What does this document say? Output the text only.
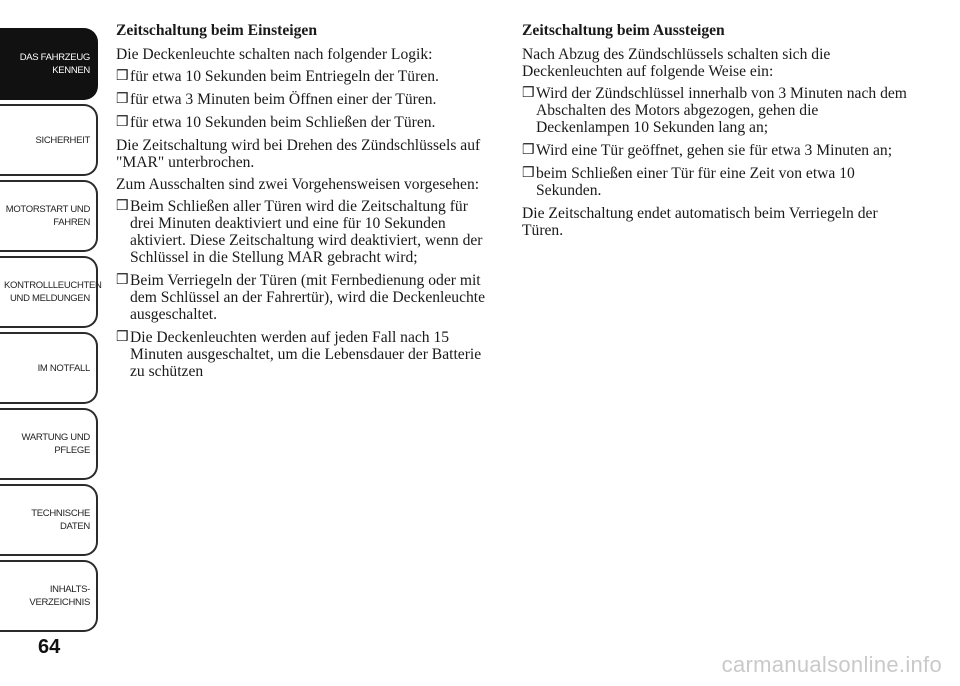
DAS FAHRZEUG KENNEN
SICHERHEIT
MOTORSTART UND FAHREN
KONTROLLLEUCHTEN UND MELDUNGEN
IM NOTFALL
WARTUNG UND PFLEGE
TECHNISCHE DATEN
INHALTS-VERZEICHNIS
64
Zeitschaltung beim Einsteigen

Die Deckenleuchte schalten nach folgender Logik:

❒ für etwa 10 Sekunden beim Entriegeln der Türen.
❒ für etwa 3 Minuten beim Öffnen einer der Türen.
❒ für etwa 10 Sekunden beim Schließen der Türen.

Die Zeitschaltung wird bei Drehen des Zündschlüssels auf "MAR" unterbrochen.

Zum Ausschalten sind zwei Vorgehensweisen vorgesehen:

❒ Beim Schließen aller Türen wird die Zeitschaltung für drei Minuten deaktiviert und eine für 10 Sekunden aktiviert. Diese Zeitschaltung wird deaktiviert, wenn der Schlüssel in die Stellung MAR gebracht wird;
❒ Beim Verriegeln der Türen (mit Fernbedienung oder mit dem Schlüssel an der Fahrertür), wird die Deckenleuchte ausgeschaltet.
❒ Die Deckenleuchten werden auf jeden Fall nach 15 Minuten ausgeschaltet, um die Lebensdauer der Batterie zu schützen
Zeitschaltung beim Aussteigen

Nach Abzug des Zündschlüssels schalten sich die Deckenleuchten auf folgende Weise ein:

❒ Wird der Zündschlüssel innerhalb von 3 Minuten nach dem Abschalten des Motors abgezogen, gehen die Deckenlampen 10 Sekunden lang an;
❒ Wird eine Tür geöffnet, gehen sie für etwa 3 Minuten an;
❒ beim Schließen einer Tür für eine Zeit von etwa 10 Sekunden.

Die Zeitschaltung endet automatisch beim Verriegeln der Türen.

carmanualsonline.info
